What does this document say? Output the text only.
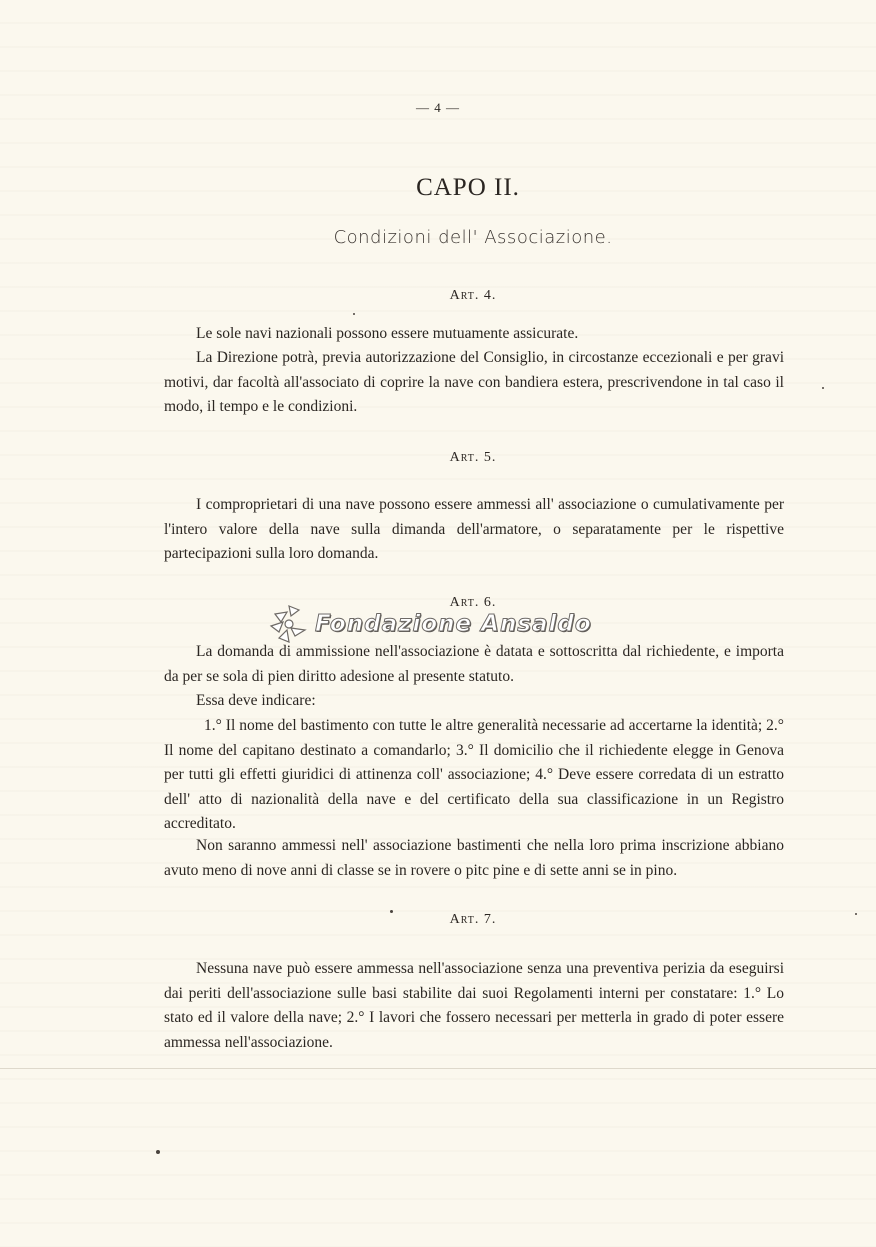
— 4 —
CAPO II.
Condizioni dell' Associazione.
Art. 4.

Le sole navi nazionali possono essere mutuamente assicurate.

La Direzione potrà, previa autorizzazione del Consiglio, in circostanze eccezionali e per gravi motivi, dar facoltà all'associato di coprire la nave con bandiera estera, prescrivendone in tal caso il modo, il tempo e le condizioni.

Art. 5.

I comproprietari di una nave possono essere ammessi all' associazione o cumulativamente per l'intero valore della nave sulla dimanda dell'armatore, o separatamente per le rispettive partecipazioni sulla loro domanda.

Art. 6.

La domanda di ammissione nell'associazione è datata e sottoscritta dal richiedente, e importa da per se sola di pien diritto adesione al presente statuto.

Essa deve indicare:

1.° Il nome del bastimento con tutte le altre generalità necessarie ad accertarne la identità; 2.° Il nome del capitano destinato a comandarlo; 3.° Il domicilio che il richiedente elegge in Genova per tutti gli effetti giuridici di attinenza coll' associazione; 4.° Deve essere corredata di un estratto dell' atto di nazionalità della nave e del certificato della sua classificazione in un Registro accreditato.

Non saranno ammessi nell' associazione bastimenti che nella loro prima inscrizione abbiano avuto meno di nove anni di classe se in rovere o pitc pine e di sette anni se in pino.

Art. 7.

Nessuna nave può essere ammessa nell'associazione senza una preventiva perizia da eseguirsi dai periti dell'associazione sulle basi stabilite dai suoi Regolamenti interni per constatare: 1.° Lo stato ed il valore della nave; 2.° I lavori che fossero necessari per metterla in grado di poter essere ammessa nell'associazione.

Fondazione Ansaldo
